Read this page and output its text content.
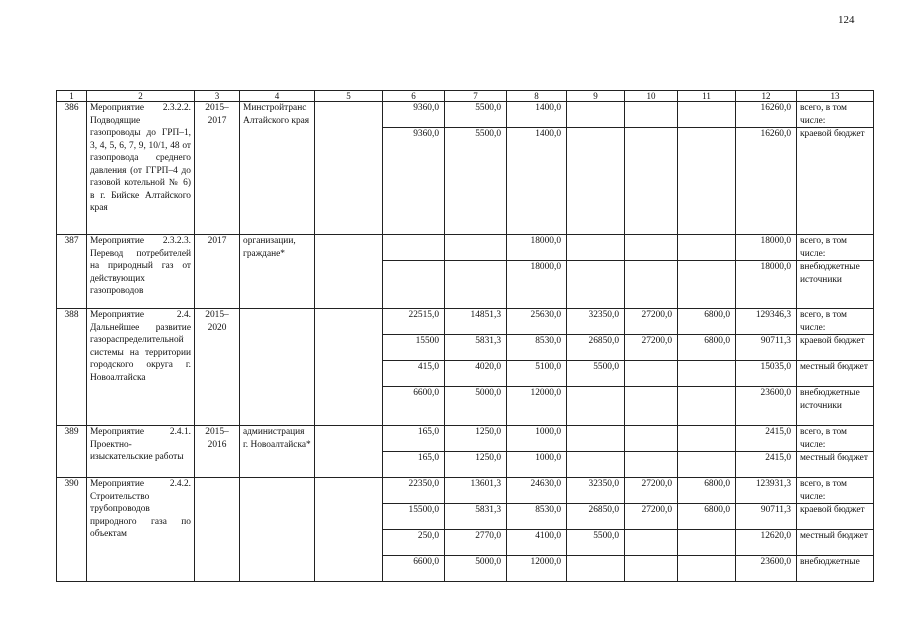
124
1	2	3	4	5	6	7	8	9	10	11	12	13
386	Мероприятие 2.3.2.2. Подводящие газопроводы до ГРП–1, 3, 4, 5, 6, 7, 9, 10/1, 48 от газопровода среднего давления (от ГГРП–4 до газовой котельной № 6) в г. Бийске Алтайского края	2015– 2017	Минстройтранс Алтайского края		9360,0	5500,0	1400,0				16260,0	всего, в том числе:
					9360,0	5500,0	1400,0				16260,0	краевой бюджет
387	Мероприятие 2.3.2.3. Перевод потребителей на природный газ от действующих газопроводов	2017	организации, граждане*				18000,0				18000,0	всего, в том числе:
							18000,0				18000,0	внебюджетные источники
388	Мероприятие 2.4. Дальнейшее развитие газораспределительной системы на территории городского округа г. Новоалтайска	2015– 2020			22515,0	14851,3	25630,0	32350,0	27200,0	6800,0	129346,3	всего, в том числе:
					15500	5831,3	8530,0	26850,0	27200,0	6800,0	90711,3	краевой бюджет
					415,0	4020,0	5100,0	5500,0			15035,0	местный бюджет
					6600,0	5000,0	12000,0				23600,0	внебюджетные источники
389	Мероприятие 2.4.1. Проектно-изыскательские работы	2015– 2016	администрация г. Новоалтайска*		165,0	1250,0	1000,0				2415,0	всего, в том числе:
					165,0	1250,0	1000,0				2415,0	местный бюджет
390	Мероприятие 2.4.2. Строительство трубопроводов природного газа по объектам				22350,0	13601,3	24630,0	32350,0	27200,0	6800,0	123931,3	всего, в том числе:
					15500,0	5831,3	8530,0	26850,0	27200,0	6800,0	90711,3	краевой бюджет
					250,0	2770,0	4100,0	5500,0			12620,0	местный бюджет
					6600,0	5000,0	12000,0				23600,0	внебюджетные
